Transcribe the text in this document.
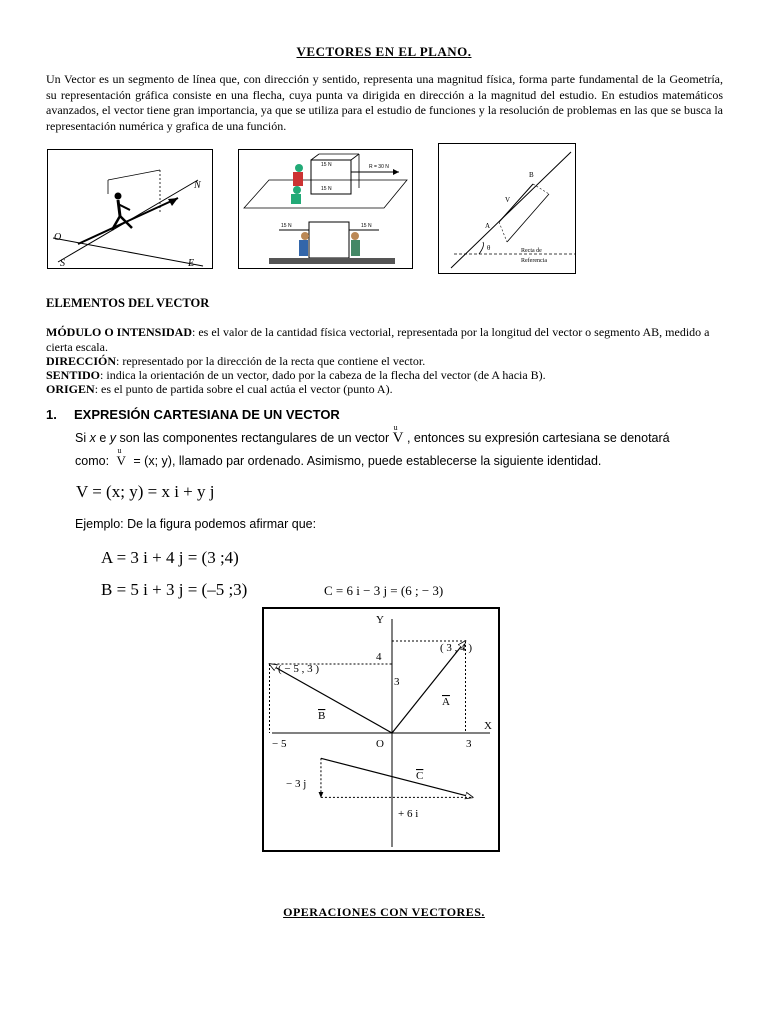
VECTORES EN EL PLANO.
Un Vector es un segmento de línea que, con dirección y sentido, representa una magnitud física, forma parte fundamental de la Geometría, su representación gráfica consiste en una flecha, cuya punta va dirigida en dirección a la magnitud del estudio. En estudios matemáticos avanzados, el vector tiene gran importancia, ya que se utiliza para el estudio de funciones y la resolución de problemas en las que se busca la representación numérica y grafica de una función.
N
O
S	E
15 N
15 N
R = 30 N
15 N	15 N
B
A
V
θ	Recta de
Referencia
ELEMENTOS DEL VECTOR
MÓDULO O INTENSIDAD: es el valor de la cantidad física vectorial, representada por la longitud del vector o segmento AB, medido a cierta escala.
DIRECCIÓN: representado por la dirección de la recta que contiene el vector.
SENTIDO: indica la orientación de un vector, dado por la cabeza de la flecha del vector (de A hacia B).
ORIGEN: es el punto de partida sobre el cual actúa el vector (punto A).
1. EXPRESIÓN CARTESIANA DE UN VECTOR
Si x e y son las componentes rectangulares de un vector
u
V , entonces su expresión cartesiana se denotará
como:
u
V = (x; y), llamado par ordenado. Asimismo, puede establecerse la siguiente identidad.
V = (x; y) = x i + y j
Ejemplo: De la figura podemos afirmar que:
A = 3 i + 4 j = (3 ;4)
B = 5 i + 3 j = (–5 ;3)	C = 6 i − 3 j = (6 ; − 3)
Y
X
O
4
3
− 5	3
( 3 , 4 )
( − 5 , 3 )
A
B
C
− 3 j
+ 6 i
OPERACIONES CON VECTORES.
